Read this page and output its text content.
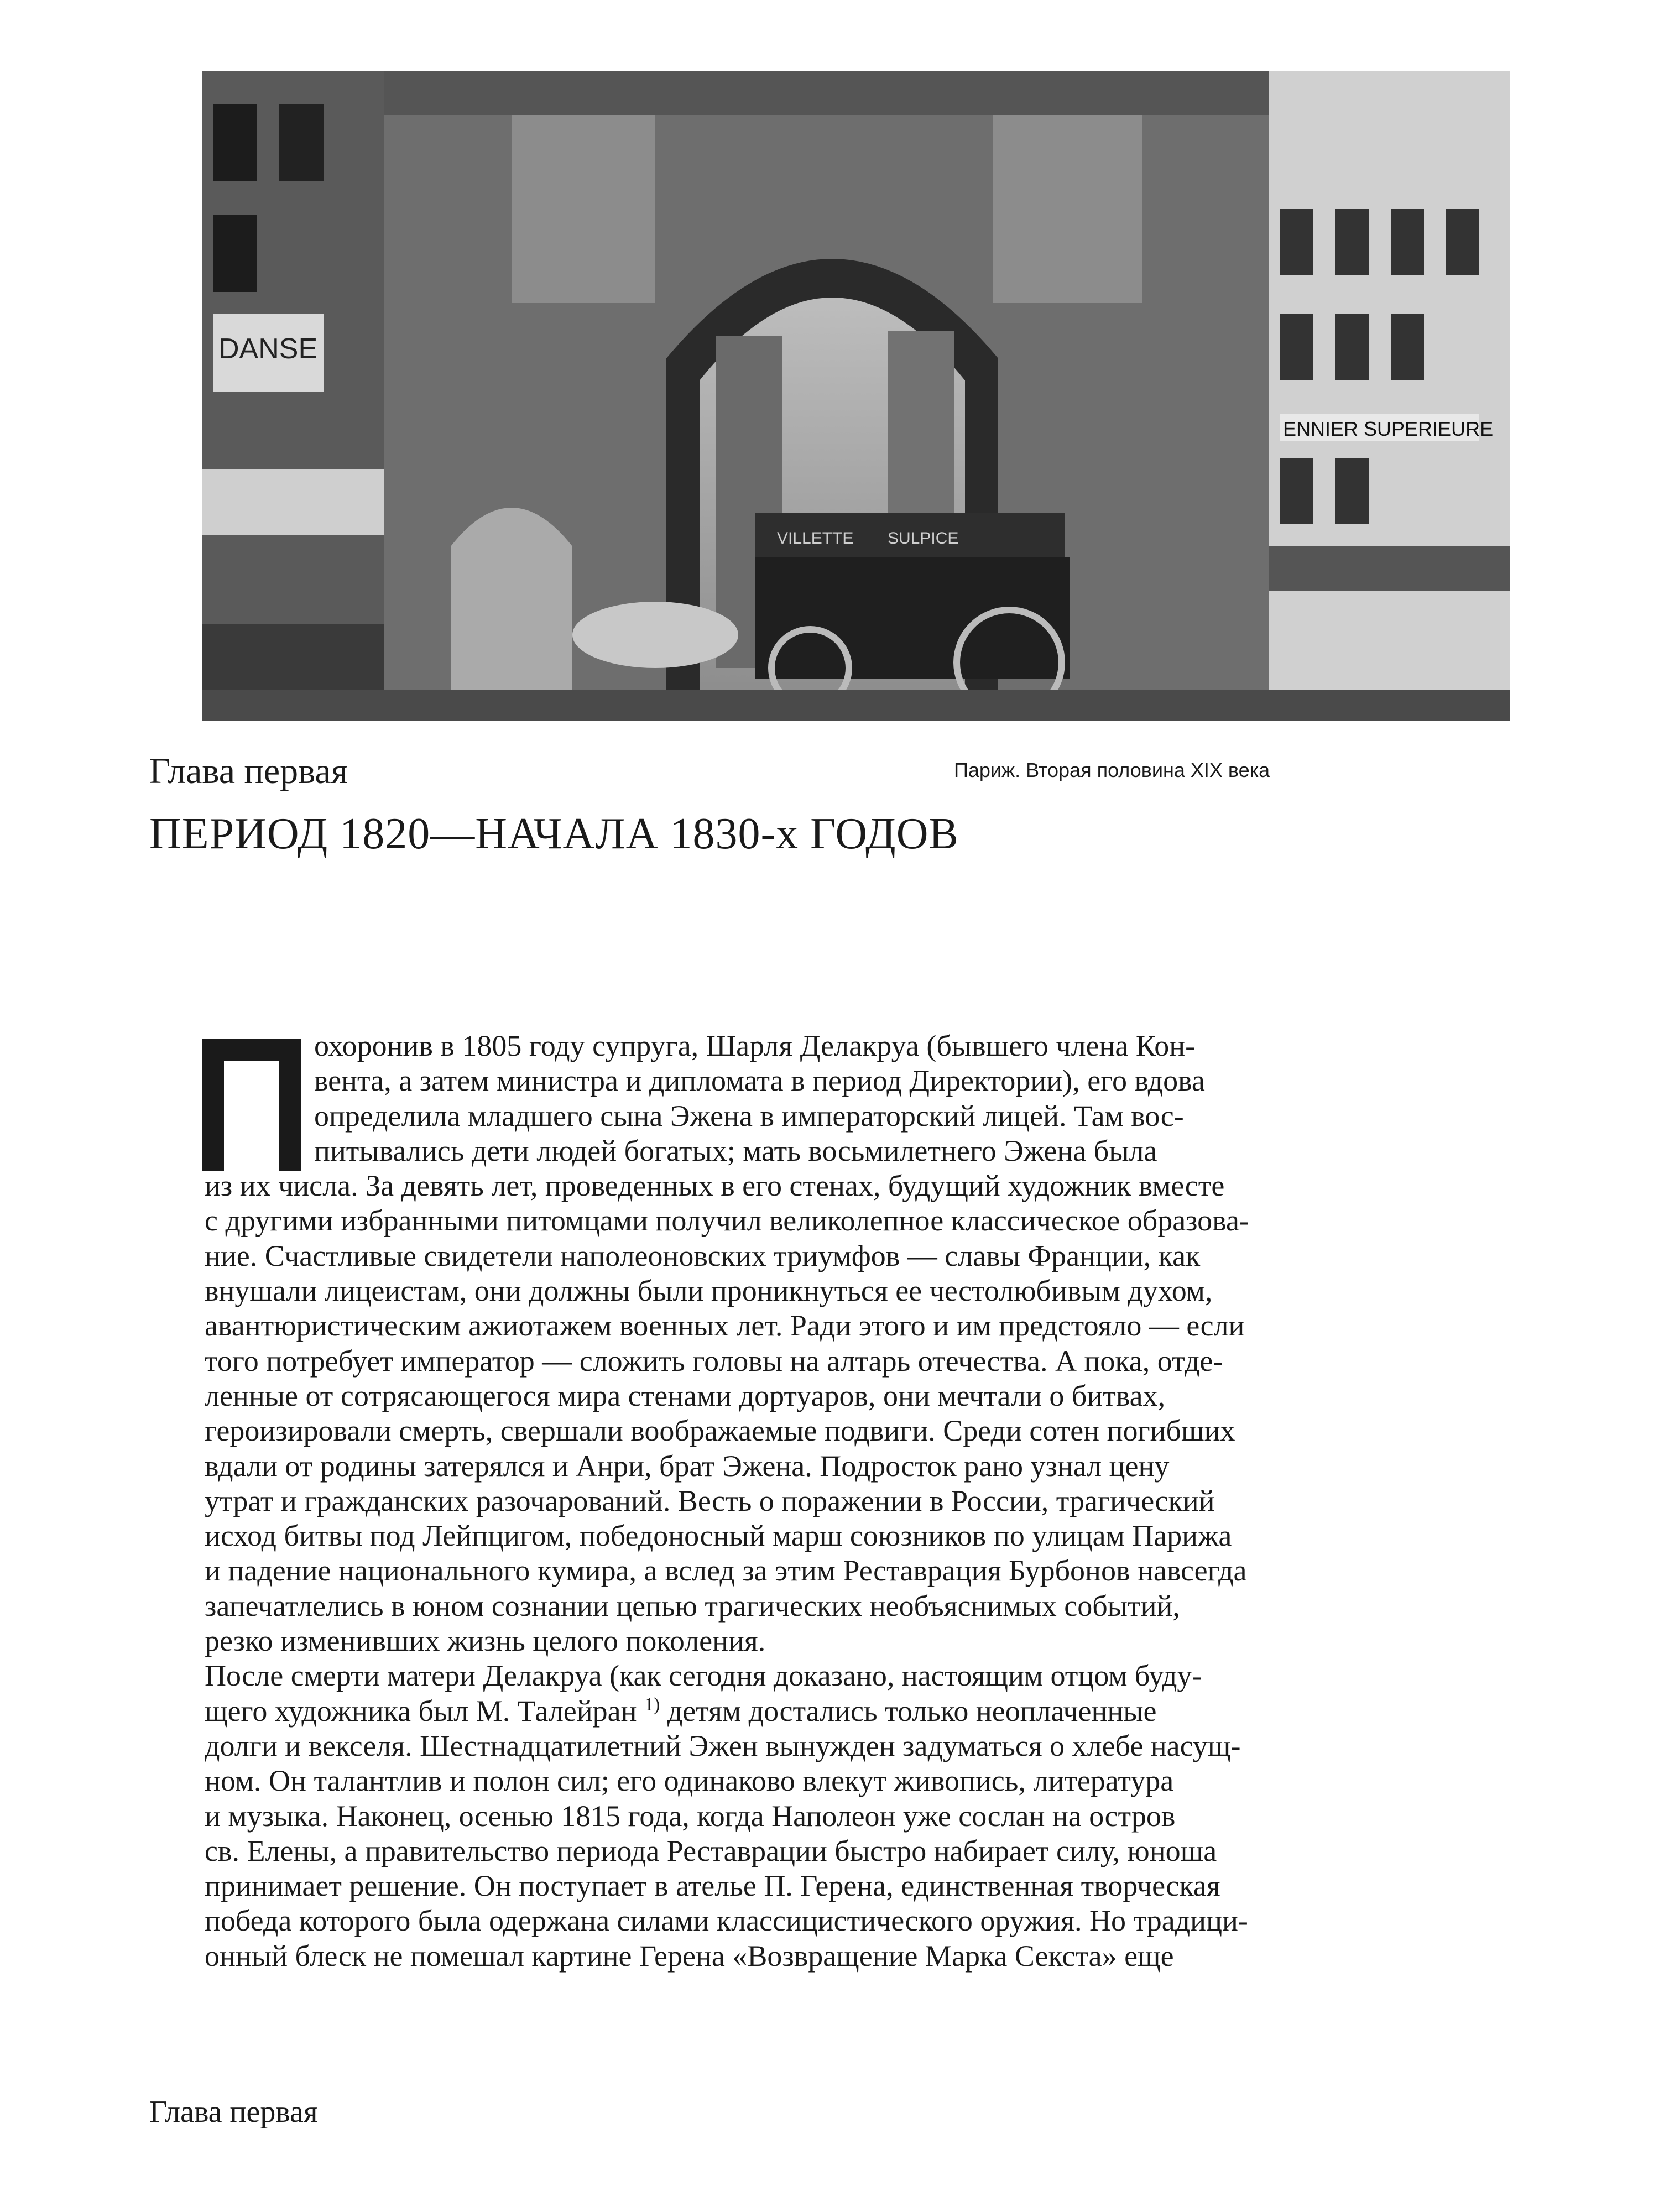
DANSE
ENNIER SUPERIEURE
VILLETTE SULPICE
Глава первая	Париж. Вторая половина XIX века
ПЕРИОД 1820—НАЧАЛА 1830-х ГОДОВ
П
охоронив в 1805 году супруга, Шарля Делакруа (бывшего члена Кон-
вента, а затем министра и дипломата в период Директории), его вдова
определила младшего сына Эжена в императорский лицей. Там вос-
питывались дети людей богатых; мать восьмилетнего Эжена была
из их числа. За девять лет, проведенных в его стенах, будущий художник вместе
с другими избранными питомцами получил великолепное классическое образова-
ние. Счастливые свидетели наполеоновских триумфов — славы Франции, как
внушали лицеистам, они должны были проникнуться ее честолюбивым духом,
авантюристическим ажиотажем военных лет. Ради этого и им предстояло — если
того потребует император — сложить головы на алтарь отечества. А пока, отде-
ленные от сотрясающегося мира стенами дортуаров, они мечтали о битвах,
героизировали смерть, свершали воображаемые подвиги. Среди сотен погибших
вдали от родины затерялся и Анри, брат Эжена. Подросток рано узнал цену
утрат и гражданских разочарований. Весть о поражении в России, трагический
исход битвы под Лейпцигом, победоносный марш союзников по улицам Парижа
и падение национального кумира, а вслед за этим Реставрация Бурбонов навсегда
запечатлелись в юном сознании цепью трагических необъяснимых событий,
резко изменивших жизнь целого поколения.
После смерти матери Делакруа (как сегодня доказано, настоящим отцом буду-
щего художника был М. Талейран $^{1)}$ детям достались только неоплаченные
долги и векселя. Шестнадцатилетний Эжен вынужден задуматься о хлебе насущ-
ном. Он талантлив и полон сил; его одинаково влекут живопись, литература
и музыка. Наконец, осенью 1815 года, когда Наполеон уже сослан на остров
св. Елены, а правительство периода Реставрации быстро набирает силу, юноша
принимает решение. Он поступает в ателье П. Герена, единственная творческая
победа которого была одержана силами классицистического оружия. Но традици-
онный блеск не помешал картине Герена «Возвращение Марка Секста» еще
Глава первая
